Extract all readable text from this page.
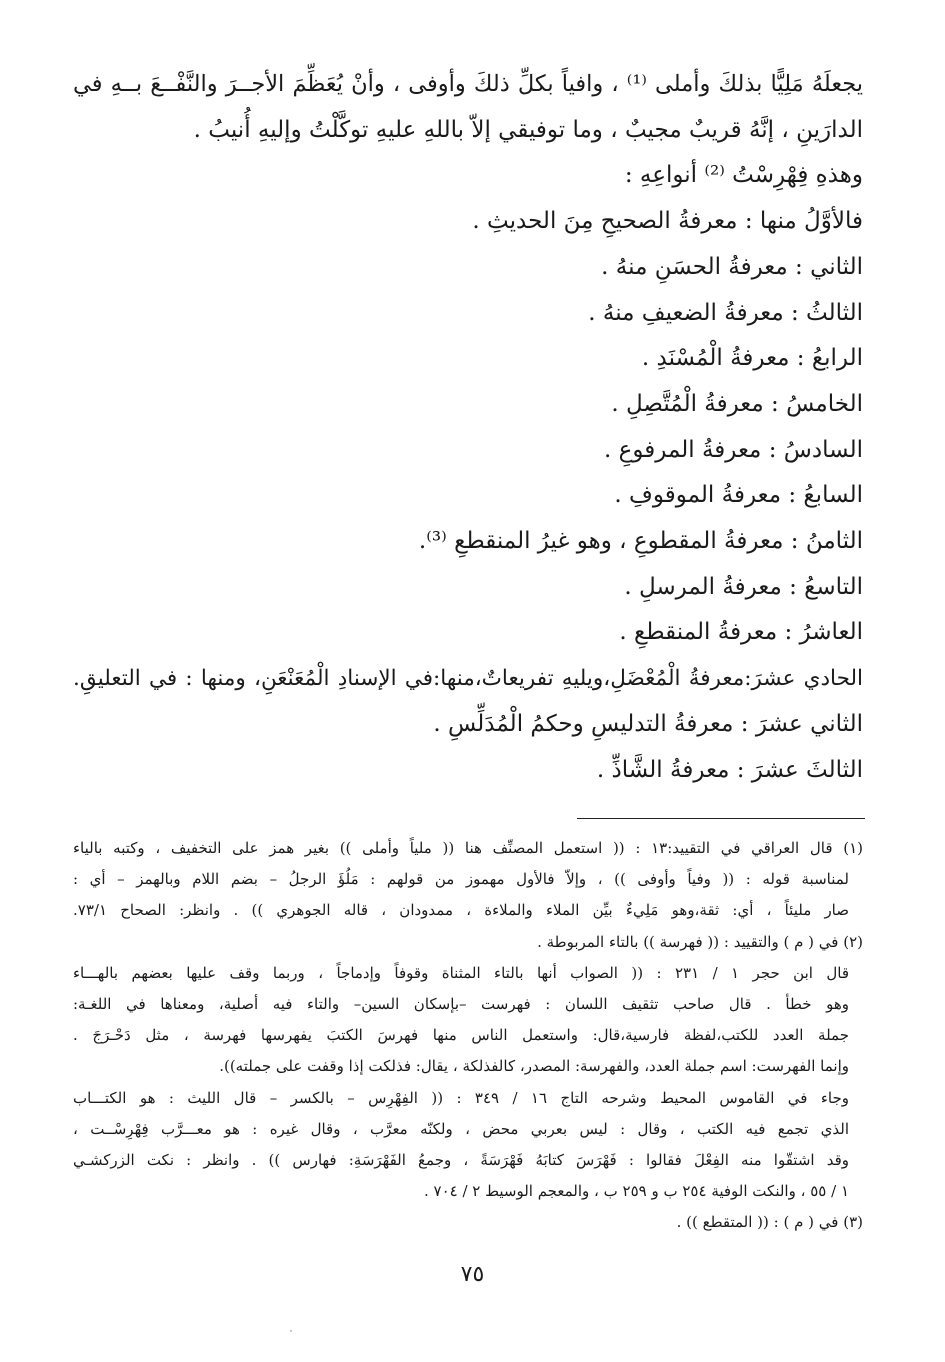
يجعلَهُ مَلِيًّا بذلكَ وأملى ⁽¹⁾ ، وافياً بكلِّ ذلكَ وأوفى ، وأنْ يُعَظِّمَ الأجــرَ والنَّفْــعَ بــهِ في
الدارَينِ ، إنَّهُ قريبٌ مجيبٌ ، وما توفيقي إلاّ باللهِ عليهِ توكَّلْتُ وإليهِ أُنيبُ .
وهذهِ فِهْرِسْتُ ⁽²⁾ أنواعِهِ :
فالأوَّلُ منها : معرفةُ الصحيحِ مِنَ الحديثِ .
الثاني : معرفةُ الحسَنِ منهُ .
الثالثُ : معرفةُ الضعيفِ منهُ .
الرابعُ : معرفةُ الْمُسْنَدِ .
الخامسُ : معرفةُ الْمُتَّصِلِ .
السادسُ : معرفةُ المرفوعِ .
السابعُ : معرفةُ الموقوفِ .
الثامنُ : معرفةُ المقطوعِ ، وهو غيرُ المنقطعِ ⁽³⁾.
التاسعُ : معرفةُ المرسلِ .
العاشرُ : معرفةُ المنقطعِ .
الحادي عشرَ:معرفةُ الْمُعْضَلِ،ويليهِ تفريعاتٌ،منها:في الإسنادِ الْمُعَنْعَنِ، ومنها : في التعليقِ.
الثاني عشرَ : معرفةُ التدليسِ وحكمُ الْمُدَلِّسِ .
الثالثَ عشرَ : معرفةُ الشَّاذِّ .
(١) قال العراقي في التقييد:١٣ : (( استعمل المصنِّف هنا (( ملياً وأملى )) بغير همز على التخفيف ، وكتبه بالياء
لمناسبة قوله : (( وفياً وأوفى )) ، وإلاّ فالأول مهموز من قولهم : مَلُؤَ الرجلُ – بضم اللام وبالهمز – أي :
صار مليئاً ، أي: ثقة،وهو مَلِيءٌ بيِّن الملاء والملاءة ، ممدودان ، قاله الجوهري )) . وانظر: الصحاح ٧٣/١.
(٢) في ( م ) والتقييد : (( فهرسة )) بالتاء المربوطة .
قال ابن حجر ١ / ٢٣١ : (( الصواب أنها بالتاء المثناة وقوفاً وإدماجاً ، وربما وقف عليها بعضهم بالهـــاء
وهو خطأ . قال صاحب تثقيف اللسان : فهرست –بإسكان السين– والتاء فيه أصلية، ومعناها في اللغـة:
جملة العدد للكتب،لفظة فارسية،قال: واستعمل الناس منها فهرسَ الكتبَ يفهرسها فهرسة ، مثل دَحْـرَجَ .
وإنما الفهرست: اسم جملة العدد، والفهرسة: المصدر، كالفذلكة ، يقال: فذلكت إذا وقفت على جملته)).
وجاء في القاموس المحيط وشرحه التاج ١٦ / ٣٤٩ : (( الفِهْرِس – بالكسر – قال الليث : هو الكتـــاب
الذي تجمع فيه الكتب ، وقال : ليس بعربي محض ، ولكنّه معرَّب ، وقال غيره : هو معـــرَّب فِهْرِسْــت ،
وقد اشتقّوا منه الفِعْلَ فقالوا : فَهْرَسَ كتابَهُ فَهْرَسَةً ، وجمعُ الفَهْرَسَةِ: فهارس )) . وانظر : نكت الزركشـي
١ / ٥٥ ، والنكت الوفية ٢٥٤ ب و ٢٥٩ ب ، والمعجم الوسيط ٢ / ٧٠٤ .
(٣) في ( م ) : (( المتقطع )) .
٧٥
